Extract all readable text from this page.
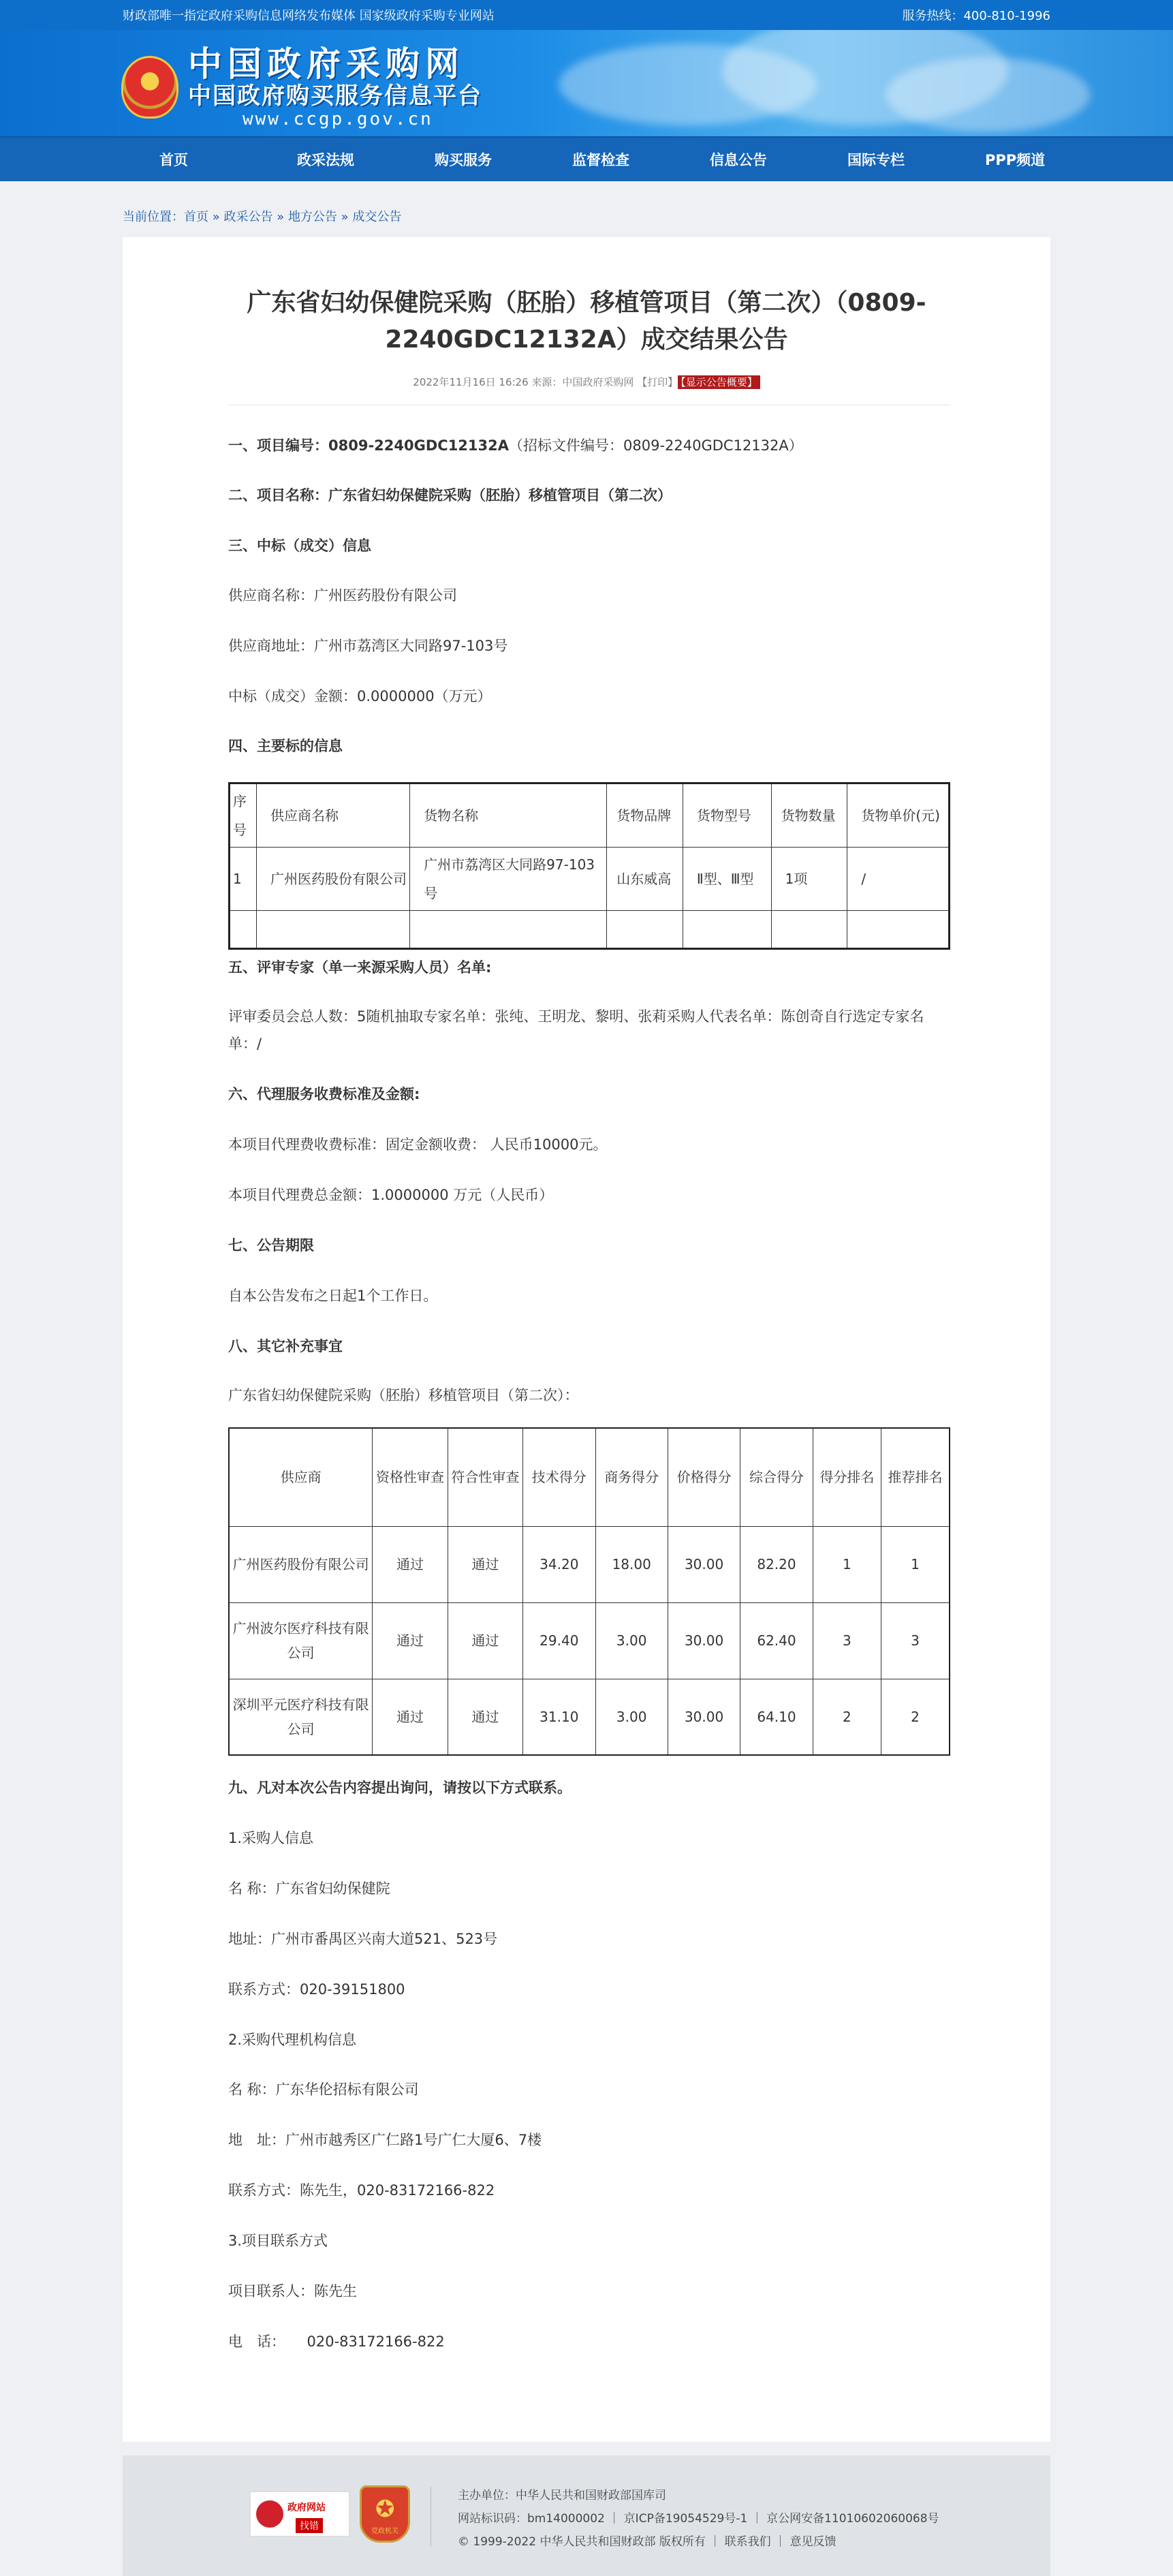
财政部唯一指定政府采购信息网络发布媒体 国家级政府采购专业网站	服务热线：400-810-1996
中国政府采购网
中国政府购买服务信息平台
www.ccgp.gov.cn
首页	政采法规	购买服务	监督检查	信息公告	国际专栏	PPP频道
当前位置：首页 » 政采公告 » 地方公告 » 成交公告
广东省妇幼保健院采购（胚胎）移植管项目（第二次）（0809-
2240GDC12132A）成交结果公告
2022年11月16日 16:26 来源：中国政府采购网 【打印】 【显示公告概要】
一、项目编号：0809-2240GDC12132A（招标文件编号：0809-2240GDC12132A）
二、项目名称：广东省妇幼保健院采购（胚胎）移植管项目（第二次）
三、中标（成交）信息
供应商名称：广州医药股份有限公司
供应商地址：广州市荔湾区大同路97-103号
中标（成交）金额：0.0000000（万元）
四、主要标的信息
序号	供应商名称	货物名称	货物品牌	货物型号	货物数量	货物单价(元)
1	广州医药股份有限公司	广州市荔湾区大同路97-103号	山东威高	Ⅱ型、Ⅲ型	1项	/

五、评审专家（单一来源采购人员）名单:
评审委员会总人数：5随机抽取专家名单：张纯、王明龙、黎明、张莉采购人代表名单：陈创奇自行选定专家名单：/
六、代理服务收费标准及金额:
本项目代理费收费标准：固定金额收费： 人民币10000元。
本项目代理费总金额：1.0000000 万元（人民币）
七、公告期限
自本公告发布之日起1个工作日。
八、其它补充事宜
广东省妇幼保健院采购（胚胎）移植管项目（第二次）：
供应商	资格性审查	符合性审查	技术得分	商务得分	价格得分	综合得分	得分排名	推荐排名
广州医药股份有限公司	通过	通过	34.20	18.00	30.00	82.20	1	1
广州波尔医疗科技有限公司	通过	通过	29.40	3.00	30.00	62.40	3	3
深圳平元医疗科技有限公司	通过	通过	31.10	3.00	30.00	64.10	2	2
九、凡对本次公告内容提出询问，请按以下方式联系。
1.采购人信息
名 称：广东省妇幼保健院
地址：广州市番禺区兴南大道521、523号
联系方式：020-39151800
2.采购代理机构信息
名 称：广东华伦招标有限公司
地　址：广州市越秀区广仁路1号广仁大厦6、7楼
联系方式：陈先生，020-83172166-822
3.项目联系方式
项目联系人：陈先生
电　话：　　020-83172166-822
政府网站
找错
✪
党政机关
主办单位：中华人民共和国财政部国库司
网站标识码：bm14000002 ｜ 京ICP备19054529号-1 ｜ 京公网安备11010602060068号
© 1999-2022 中华人民共和国财政部 版权所有 ｜ 联系我们 ｜ 意见反馈
